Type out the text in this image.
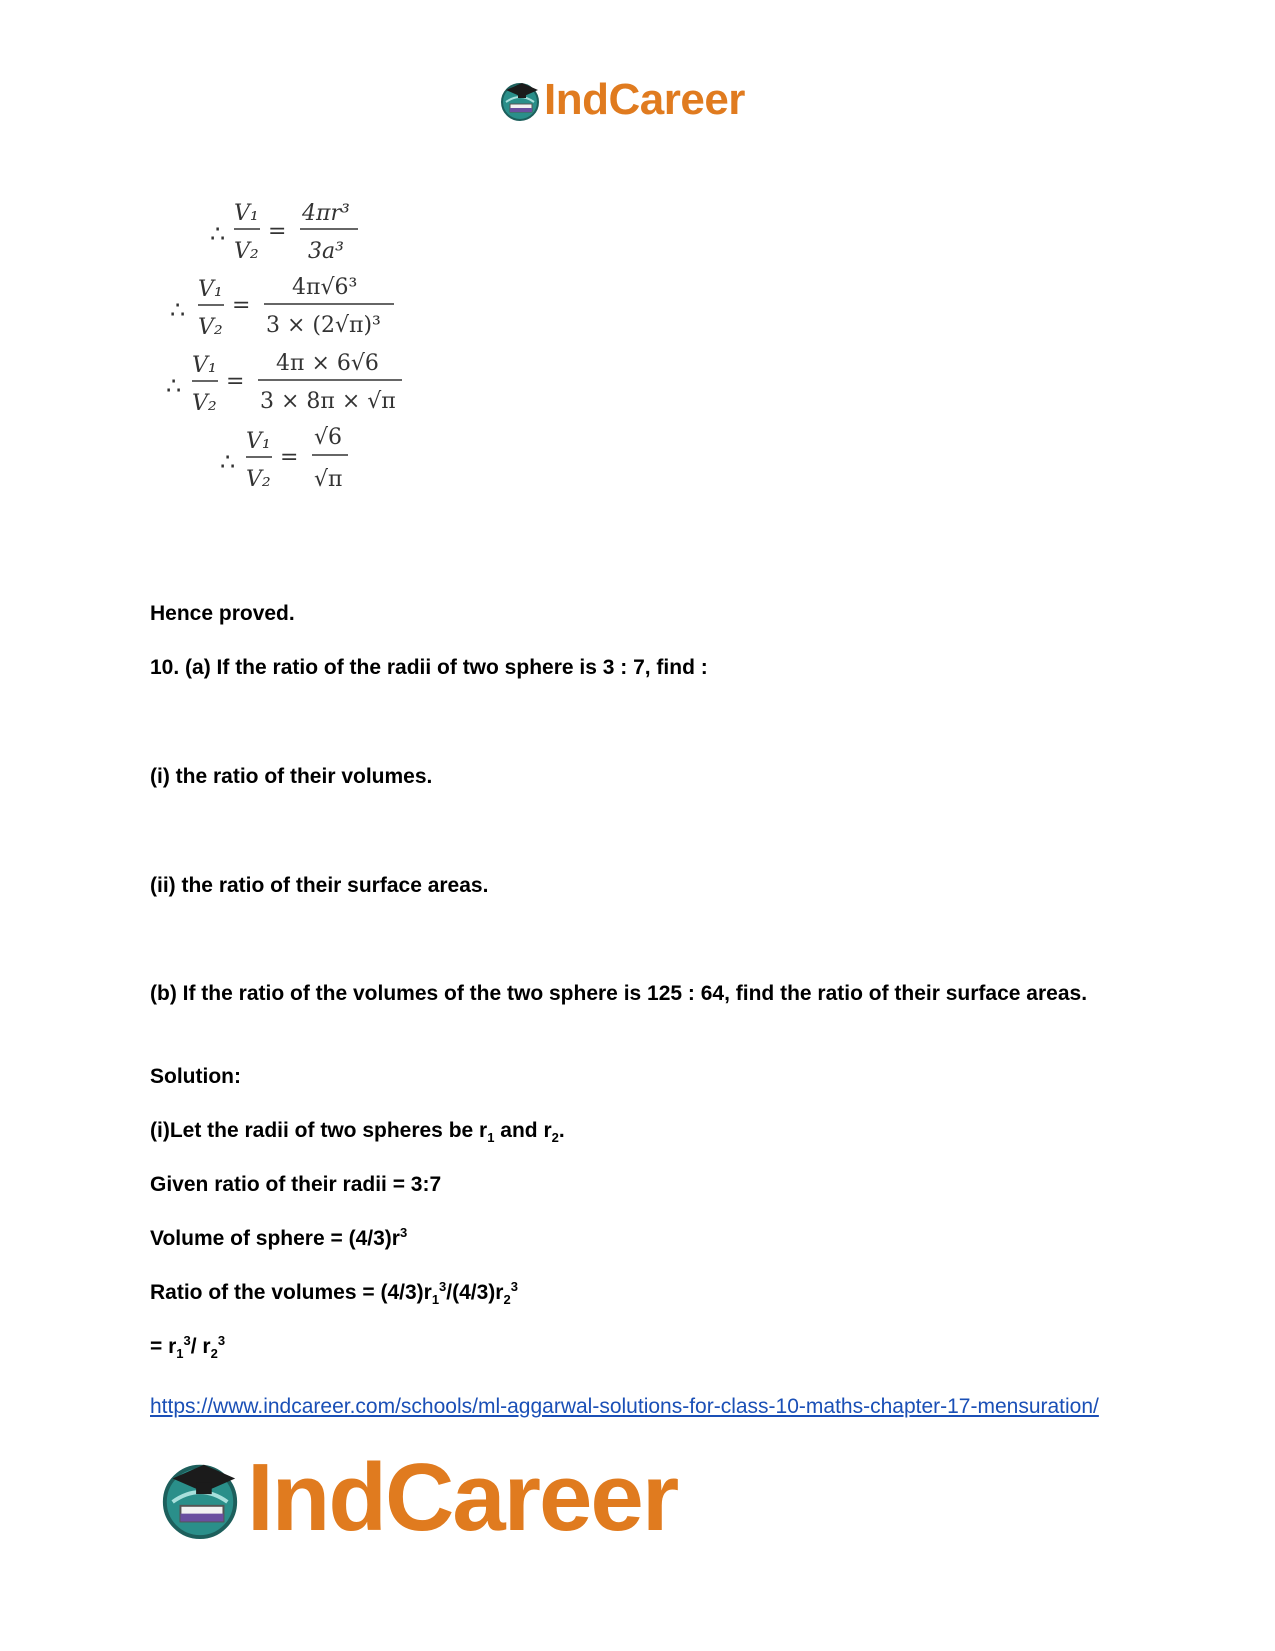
IndCareer
∴
V₁
V₂
=
4πr³
3a³
∴
V₁
V₂
=
4π√6³
3 × (2√π)³
∴
V₁
V₂
=
4π × 6√6
3 × 8π × √π
∴
V₁
V₂
=
√6
√π

Hence proved.

10. (a) If the ratio of the radii of two sphere is 3 : 7, find :

(i) the ratio of their volumes.

(ii) the ratio of their surface areas.

(b) If the ratio of the volumes of the two sphere is 125 : 64, find the ratio of their surface areas.

Solution:

(i)Let the radii of two spheres be $r_1$ and $r_2$.

Given ratio of their radii = 3:7

Volume of sphere = $(4/3)r^3$

Ratio of the volumes = $(4/3)r_1^3/(4/3)r_2^3$

= $r_1^3/$ $r_2^3$

https://www.indcareer.com/schools/ml-aggarwal-solutions-for-class-10-maths-chapter-17-mensuration/
IndCareer
